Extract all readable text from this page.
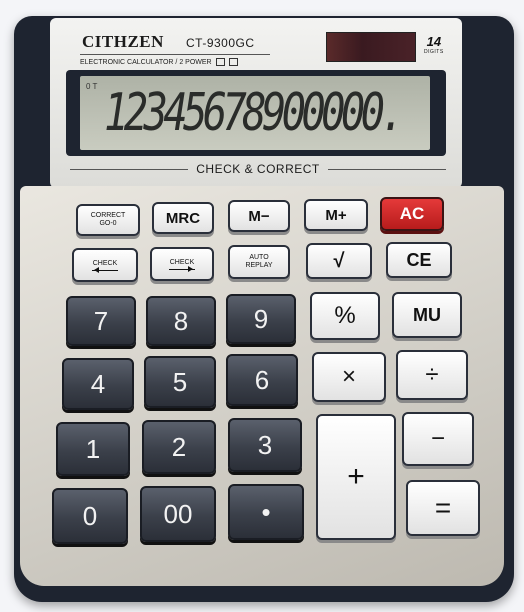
CITHZEN CT-9300GC
ELECTRONIC CALCULATOR / 2 POWER
14
DIGITS
0 T 12345678900000.
CHECK & CORRECT
CORRECT
GO-0	MRC	M−	M+	AC
CHECK	CHECK
AUTO
REPLAY	√	CE
7	8	9	%	MU
4	5	6	×	÷
1	2	3
+
−
0	00	•	=
